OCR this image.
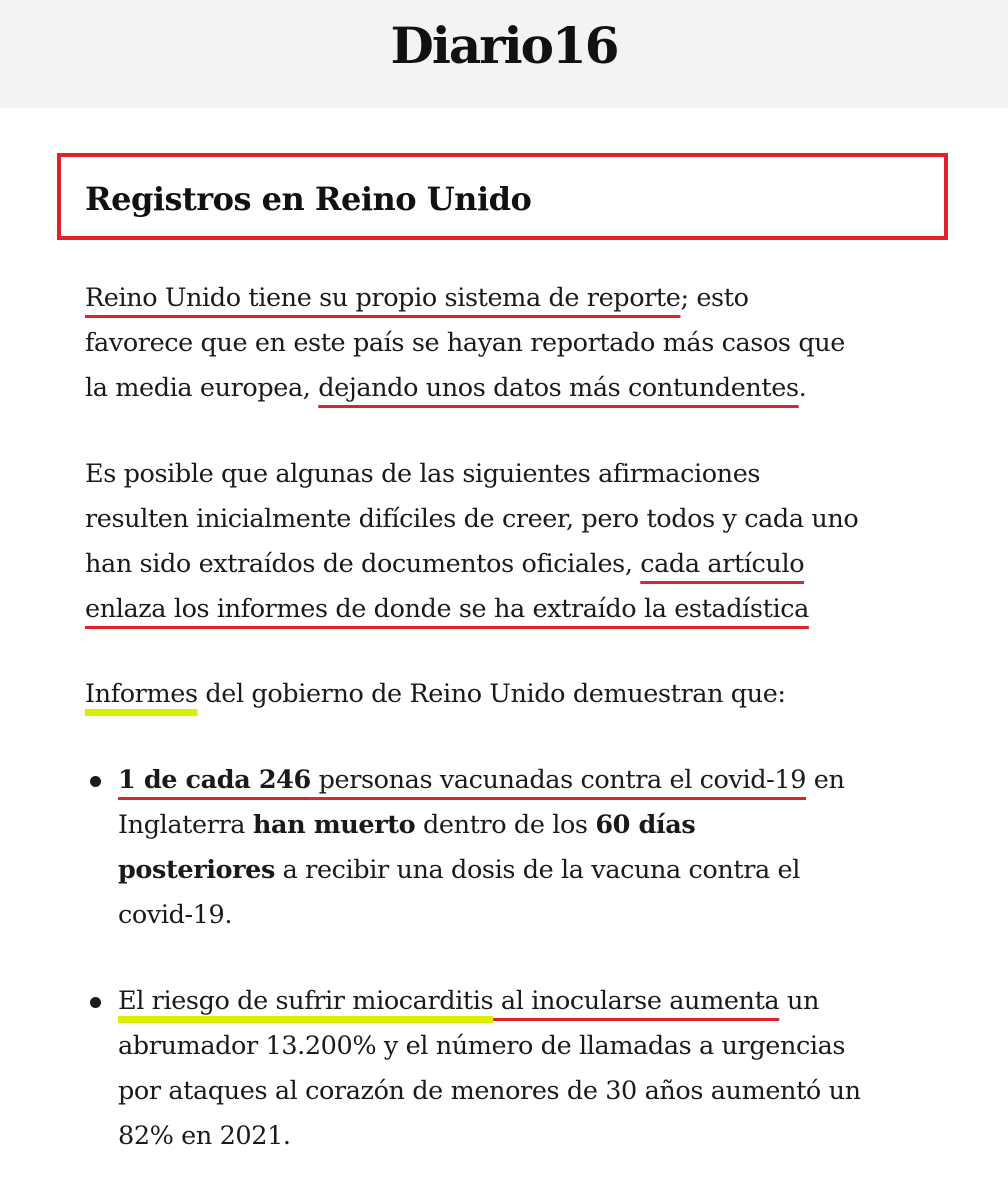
Diario16
Registros en Reino Unido
Reino Unido tiene su propio sistema de reporte; esto
favorece que en este país se hayan reportado más casos que
la media europea, dejando unos datos más contundentes.
Es posible que algunas de las siguientes afirmaciones
resulten inicialmente difíciles de creer, pero todos y cada uno
han sido extraídos de documentos oficiales, cada artículo
enlaza los informes de donde se ha extraído la estadística
Informes del gobierno de Reino Unido demuestran que:
1 de cada 246 personas vacunadas contra el covid-19 en
Inglaterra han muerto dentro de los 60 días
posteriores a recibir una dosis de la vacuna contra el
covid-19.
El riesgo de sufrir miocarditis al inocularse aumenta un
abrumador 13.200% y el número de llamadas a urgencias
por ataques al corazón de menores de 30 años aumentó un
82% en 2021.
